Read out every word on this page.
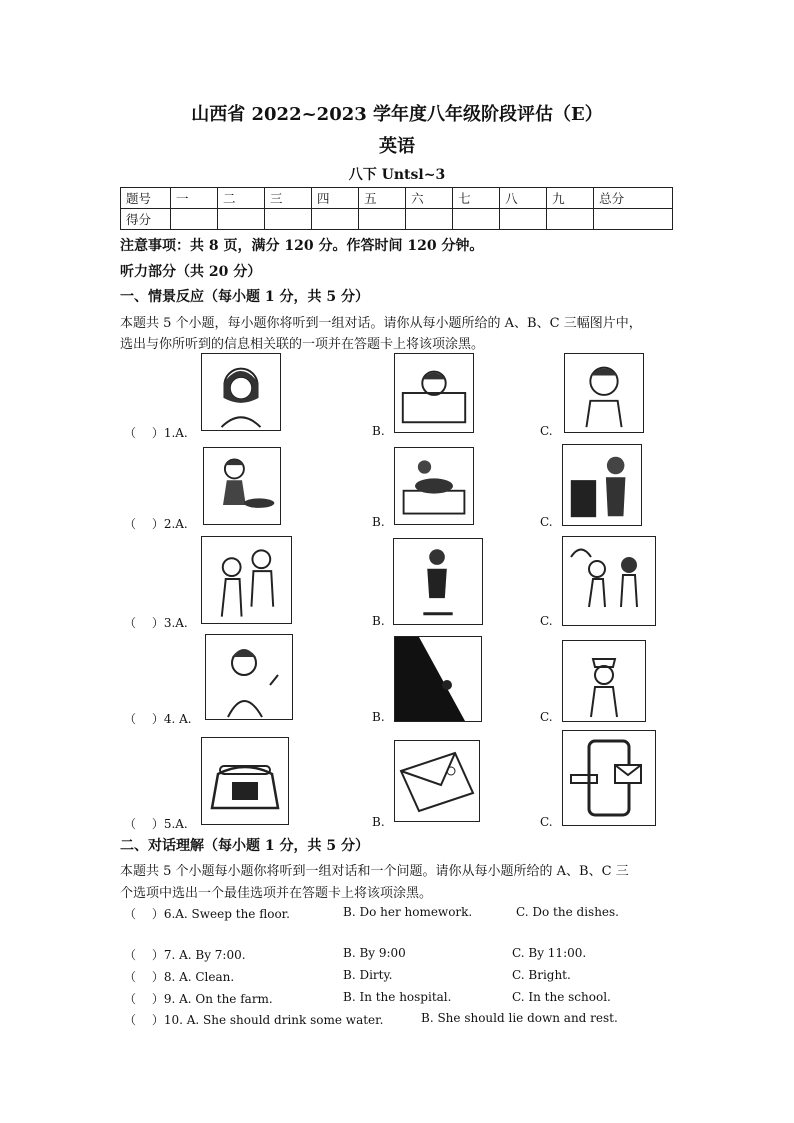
山西省 2022~2023 学年度八年级阶段评估（E）
英语
八下 Untsl~3
题号	一	二	三	四	五	六	七	八	九	总分
得分										
注意事项：共 8 页，满分 120 分。作答时间 120 分钟。
听力部分（共 20 分）
一、情景反应（每小题 1 分，共 5 分）
本题共 5 个小题，每小题你将听到一组对话。请你从每小题所给的 A、B、C 三幅图片中，
选出与你所听到的信息相关联的一项并在答题卡上将该项涂黑。
（　 ）1.A.	B.	C.
（　 ）2.A.	B.	C.
（　 ）3.A.	B.	C.
（　 ）4. A.	B.	C.
（　 ）5.A.	B.	C.
二、对话理解（每小题 1 分，共 5 分）
本题共 5 个小题每小题你将听到一组对话和一个问题。请你从每小题所给的 A、B、C 三
个选项中选出一个最佳选项并在答题卡上将该项涂黑。
（　 ）6.A. Sweep the floor.	B. Do her homework.	C. Do the dishes.
（　 ）7. A. By 7:00.	B. By 9:00	C. By 11:00.
（　 ）8. A. Clean.	B. Dirty.	C. Bright.
（　 ）9. A. On the farm.	B. In the hospital.	C. In the school.
（　 ）10. A. She should drink some water.	B. She should lie down and rest.
